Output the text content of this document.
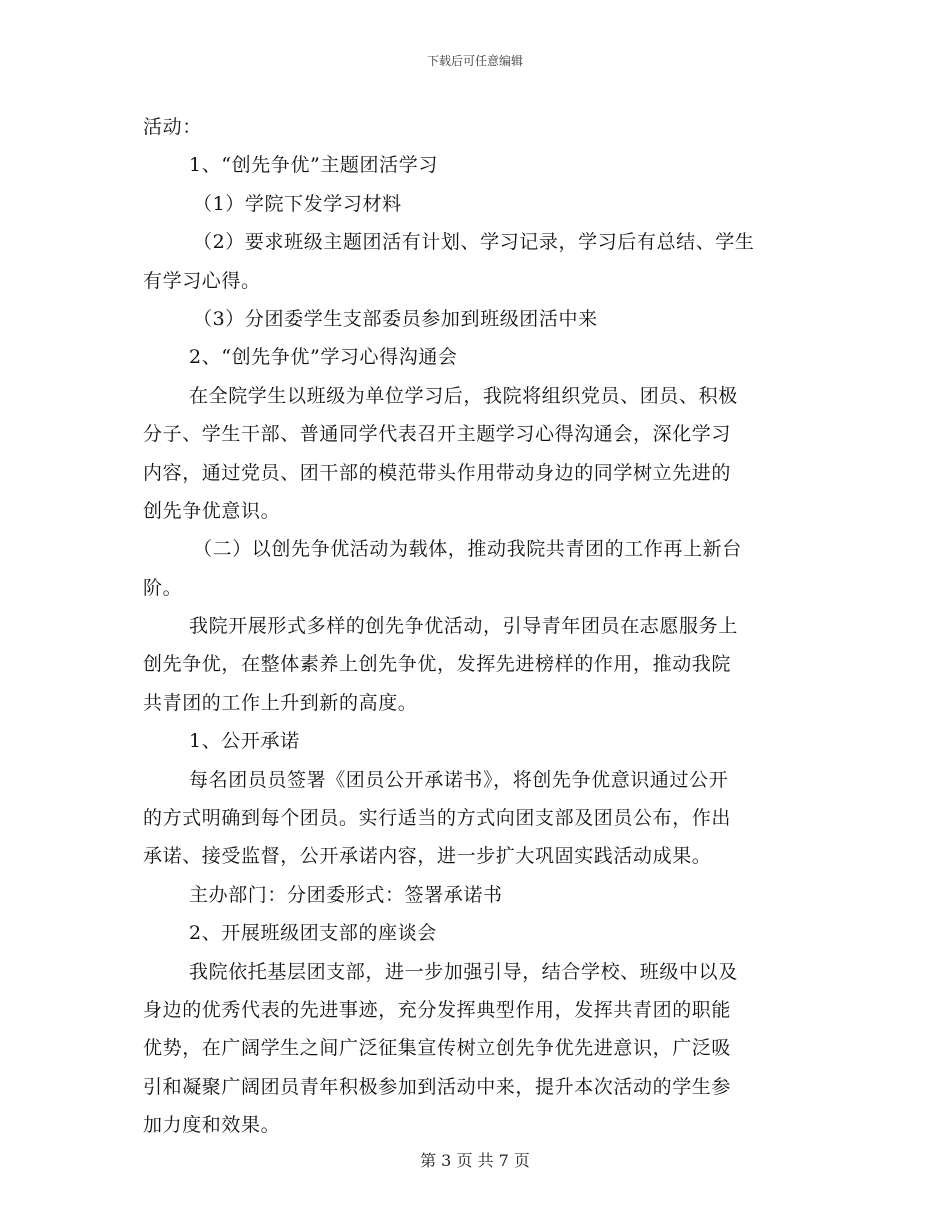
下载后可任意编辑
活动：
1、“创先争优”主题团活学习
（1）学院下发学习材料
（2）要求班级主题团活有计划、学习记录，学习后有总结、学生
有学习心得。
（3）分团委学生支部委员参加到班级团活中来
2、“创先争优”学习心得沟通会
在全院学生以班级为单位学习后，我院将组织党员、团员、积极
分子、学生干部、普通同学代表召开主题学习心得沟通会，深化学习
内容，通过党员、团干部的模范带头作用带动身边的同学树立先进的
创先争优意识。
（二）以创先争优活动为载体，推动我院共青团的工作再上新台
阶。
我院开展形式多样的创先争优活动，引导青年团员在志愿服务上
创先争优，在整体素养上创先争优，发挥先进榜样的作用，推动我院
共青团的工作上升到新的高度。
1、公开承诺
每名团员员签署《团员公开承诺书》，将创先争优意识通过公开
的方式明确到每个团员。实行适当的方式向团支部及团员公布，作出
承诺、接受监督，公开承诺内容，进一步扩大巩固实践活动成果。
主办部门：分团委形式：签署承诺书
2、开展班级团支部的座谈会
我院依托基层团支部，进一步加强引导，结合学校、班级中以及
身边的优秀代表的先进事迹，充分发挥典型作用，发挥共青团的职能
优势，在广阔学生之间广泛征集宣传树立创先争优先进意识，广泛吸
引和凝聚广阔团员青年积极参加到活动中来，提升本次活动的学生参
加力度和效果。
第 3 页 共 7 页
